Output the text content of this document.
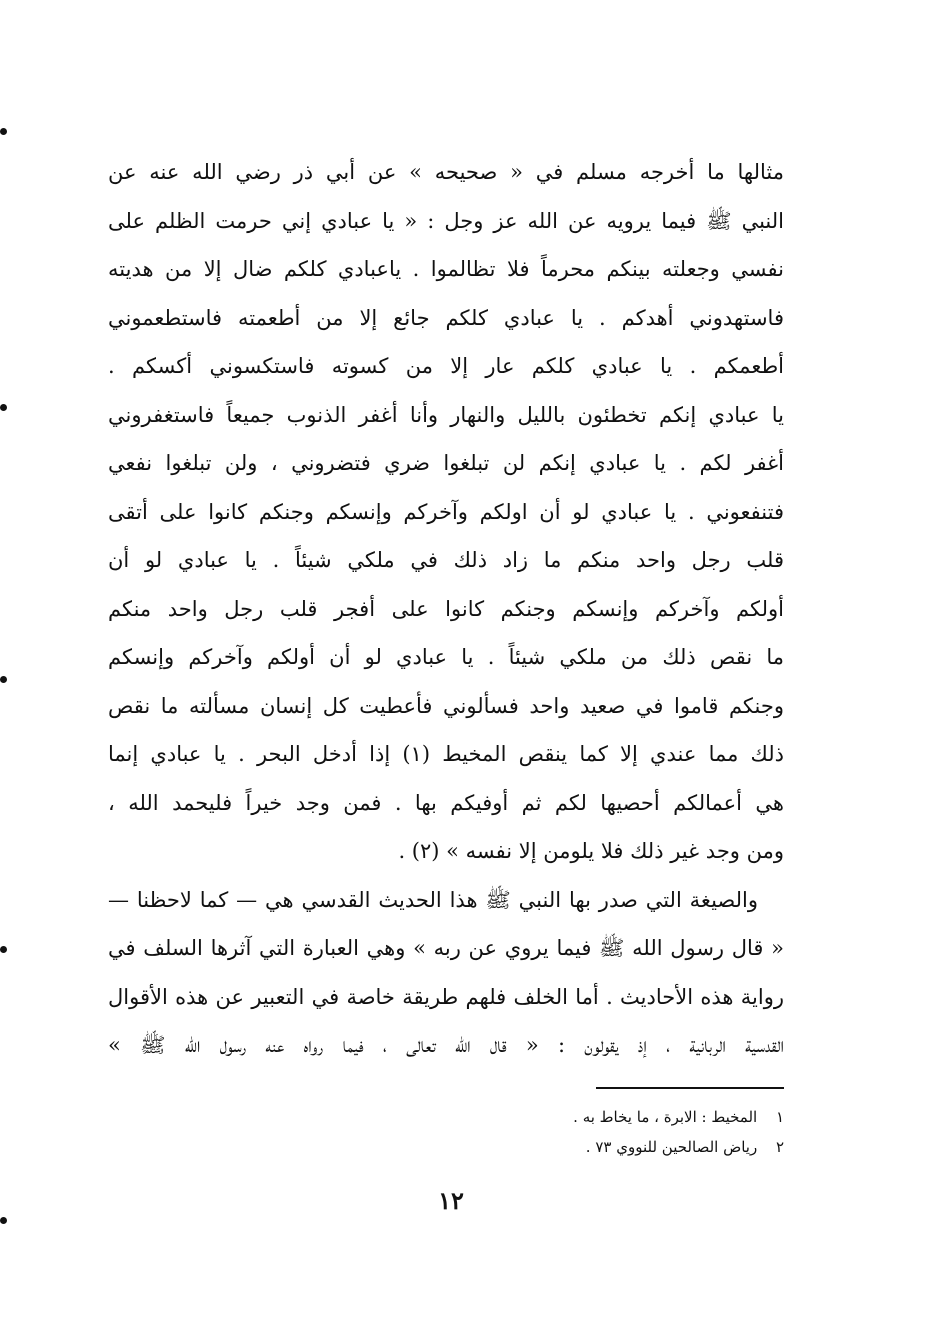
مثالها ما أخرجه مسلم في « صحيحه » عن أبي ذر رضي الله عنه عن
النبي ﷺ فيما يرويه عن الله عز وجل : « يا عبادي إني حرمت الظلم على
نفسي وجعلته بينكم محرماً فلا تظالموا . ياعبادي كلكم ضال إلا من هديته
فاستهدوني أهدكم . يا عبادي كلكم جائع إلا من أطعمته فاستطعموني
أطعمكم . يا عبادي كلكم عار إلا من كسوته فاستكسوني أكسكم .
يا عبادي إنكم تخطئون بالليل والنهار وأنا أغفر الذنوب جميعاً فاستغفروني
أغفر لكم . يا عبادي إنكم لن تبلغوا ضري فتضروني ، ولن تبلغوا نفعي
فتنفعوني . يا عبادي لو أن اولكم وآخركم وإنسكم وجنكم كانوا على أتقى
قلب رجل واحد منكم ما زاد ذلك في ملكي شيئاً . يا عبادي لو أن
أولكم وآخركم وإنسكم وجنكم كانوا على أفجر قلب رجل واحد منكم
ما نقص ذلك من ملكي شيئاً . يا عبادي لو أن أولكم وآخركم وإنسكم
وجنكم قاموا في صعيد واحد فسألوني فأعطيت كل إنسان مسألته ما نقص
ذلك مما عندي إلا كما ينقص المخيط (١) إذا أدخل البحر . يا عبادي إنما
هي أعمالكم أحصيها لكم ثم أوفيكم بها . فمن وجد خيراً فليحمد الله ،
ومن وجد غير ذلك فلا يلومن إلا نفسه » (٢) .
والصيغة التي صدر بها النبي ﷺ هذا الحديث القدسي هي — كما لاحظنا —
« قال رسول الله ﷺ فيما يروي عن ربه » وهي العبارة التي آثرها السلف في
رواية هذه الأحاديث . أما الخلف فلهم طريقة خاصة في التعبير عن هذه الأقوال
القدسية الربانية ، إذ يقولون : « قال الله تعالى ، فيما رواه عنه رسول الله ﷺ »
١ المخيط : الابرة ، ما يخاط به .
٢ رياض الصالحين للنووي ٧٣ .
١٢
